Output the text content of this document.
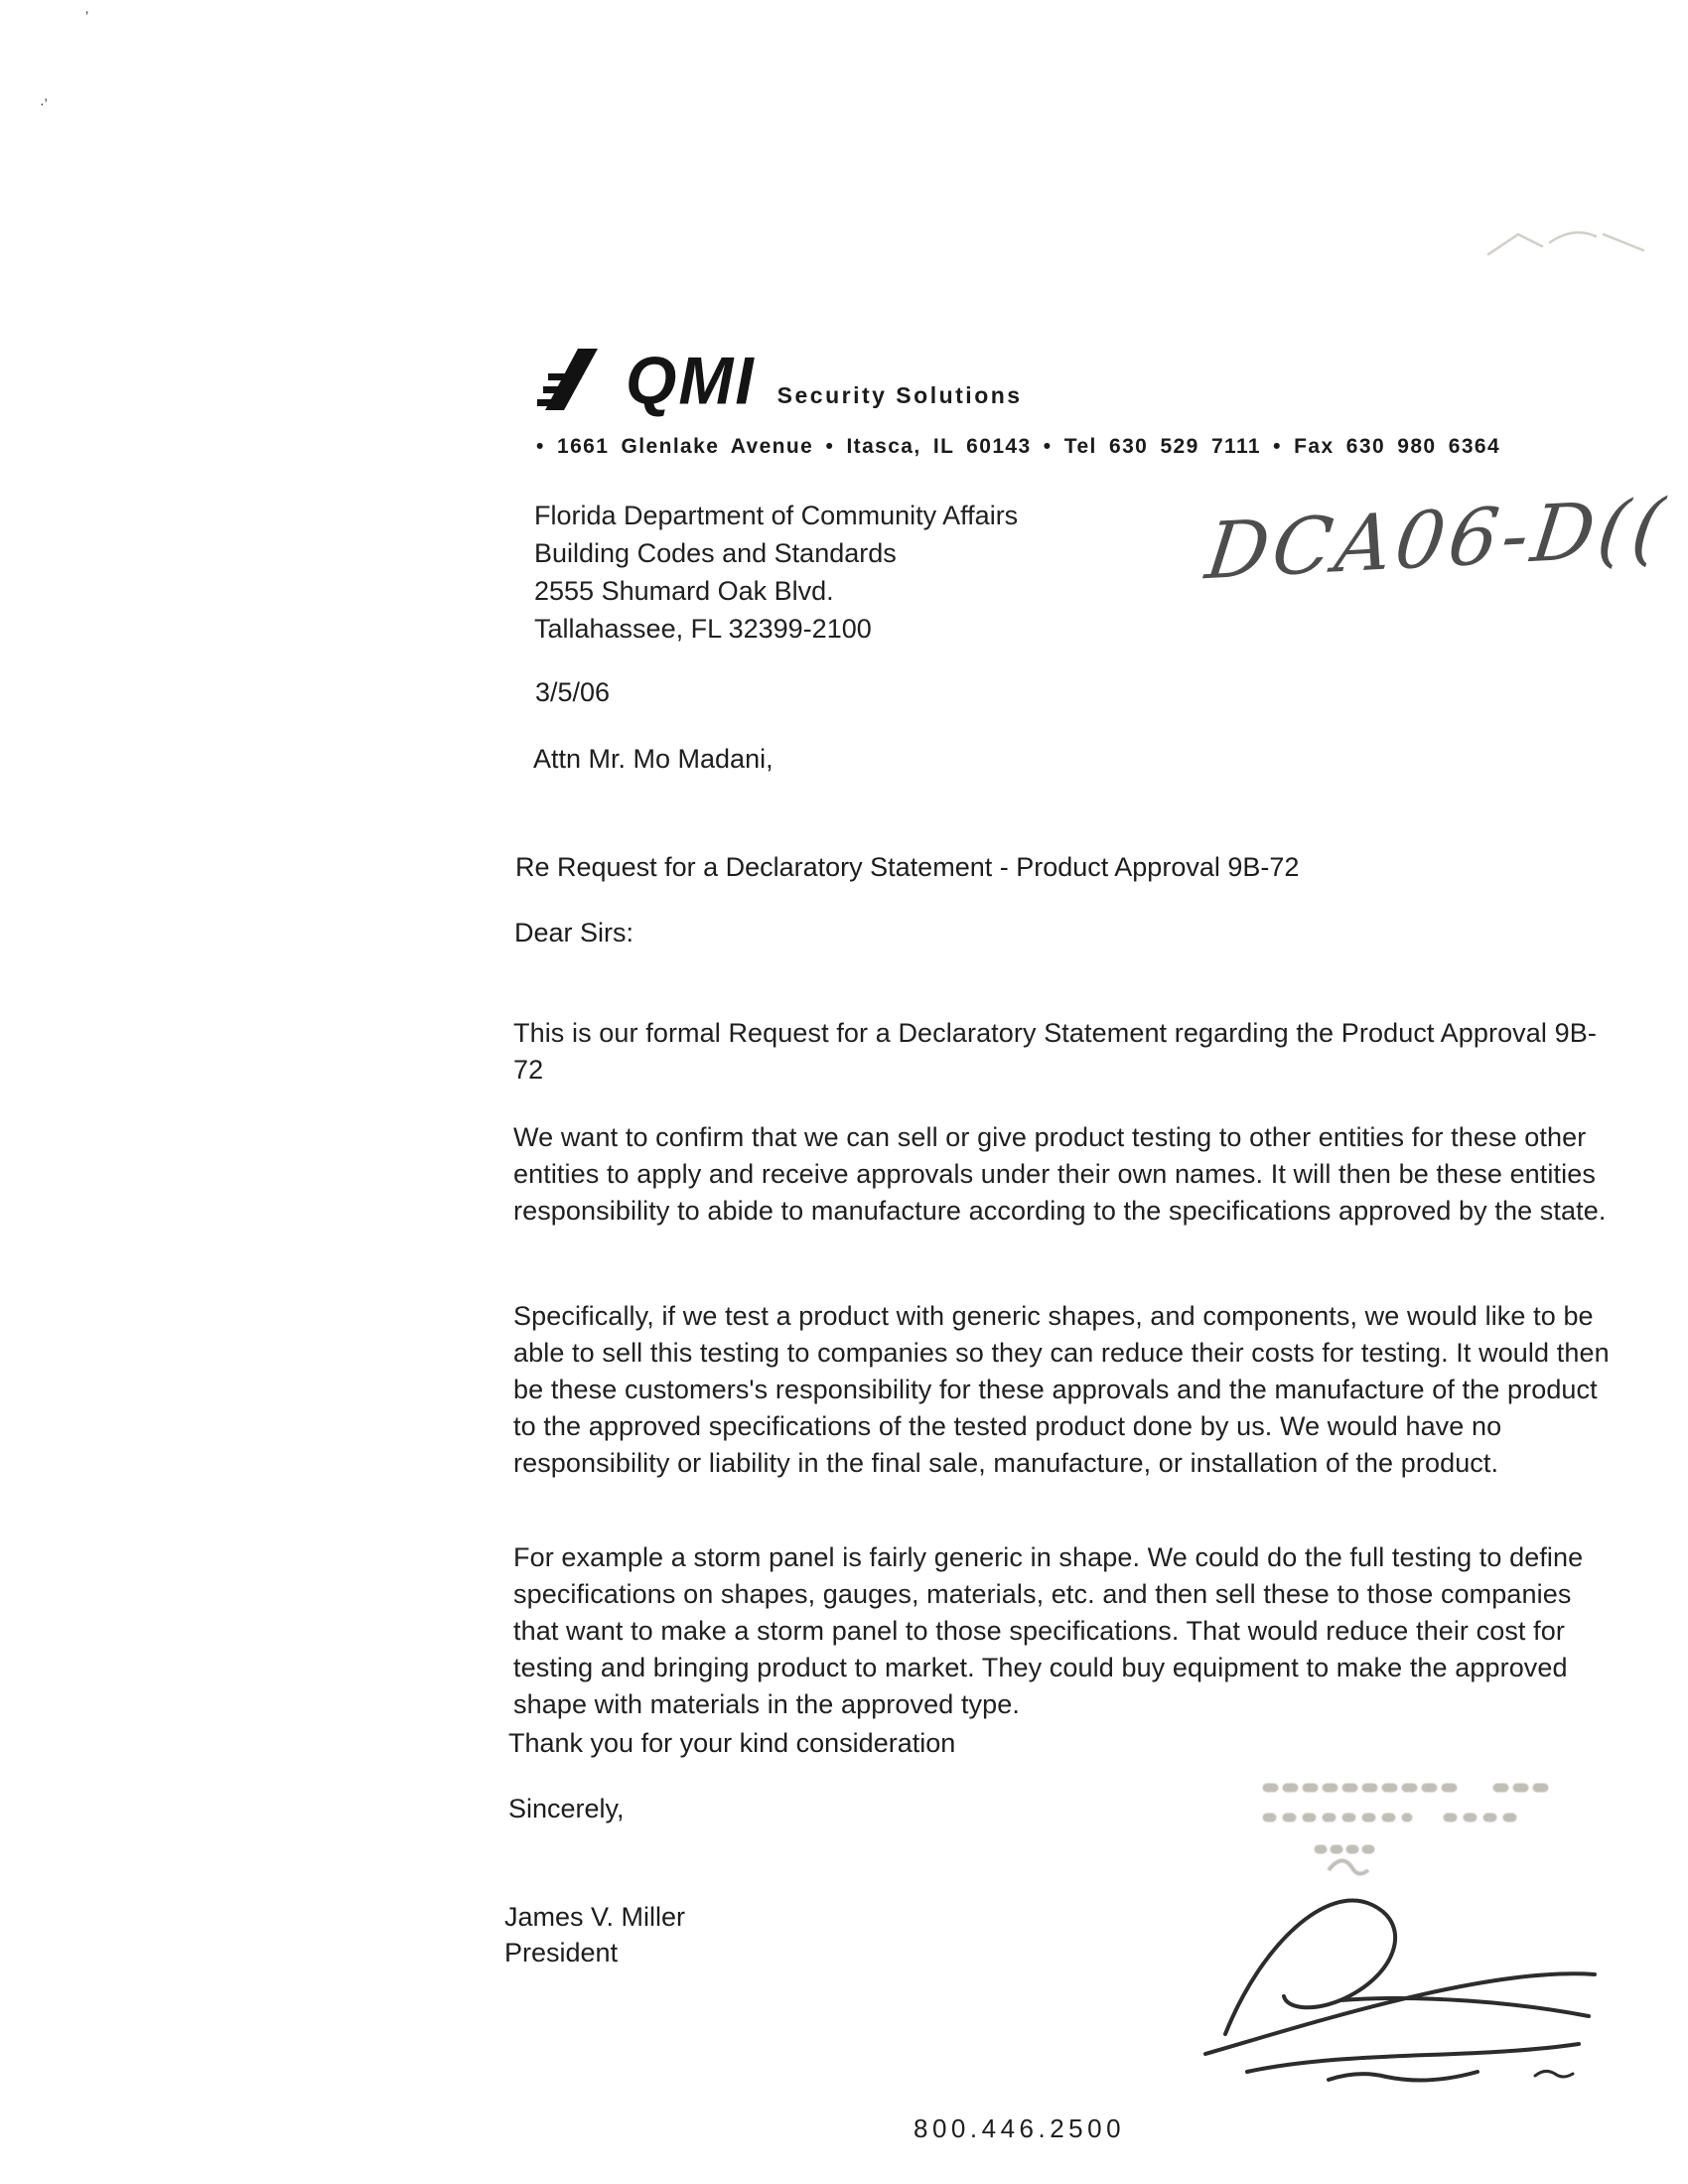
’
·’
QMI Security Solutions
• 1661 Glenlake Avenue • Itasca, IL 60143 • Tel 630 529 7111 • Fax 630 980 6364
DCA06-D((
Florida Department of Community Affairs
Building Codes and Standards
2555 Shumard Oak Blvd.
Tallahassee, FL 32399-2100
3/5/06
Attn Mr. Mo Madani,
Re Request for a Declaratory Statement - Product Approval 9B-72
Dear Sirs:

This is our formal Request for a Declaratory Statement regarding the Product Approval 9B-72

We want to confirm that we can sell or give product testing to other entities for these other entities to apply and receive approvals under their own names. It will then be these entities responsibility to abide to manufacture according to the specifications approved by the state.

Specifically, if we test a product with generic shapes, and components, we would like to be able to sell this testing to companies so they can reduce their costs for testing. It would then be these customers's responsibility for these approvals and the manufacture of the product to the approved specifications of the tested product done by us. We would have no responsibility or liability in the final sale, manufacture, or installation of the product.

For example a storm panel is fairly generic in shape. We could do the full testing to define specifications on shapes, gauges, materials, etc. and then sell these to those companies that want to make a storm panel to those specifications. That would reduce their cost for testing and bringing product to market. They could buy equipment to make the approved shape with materials in the approved type.

Thank you for your kind consideration
Sincerely,
James V. Miller
President
800.446.2500
